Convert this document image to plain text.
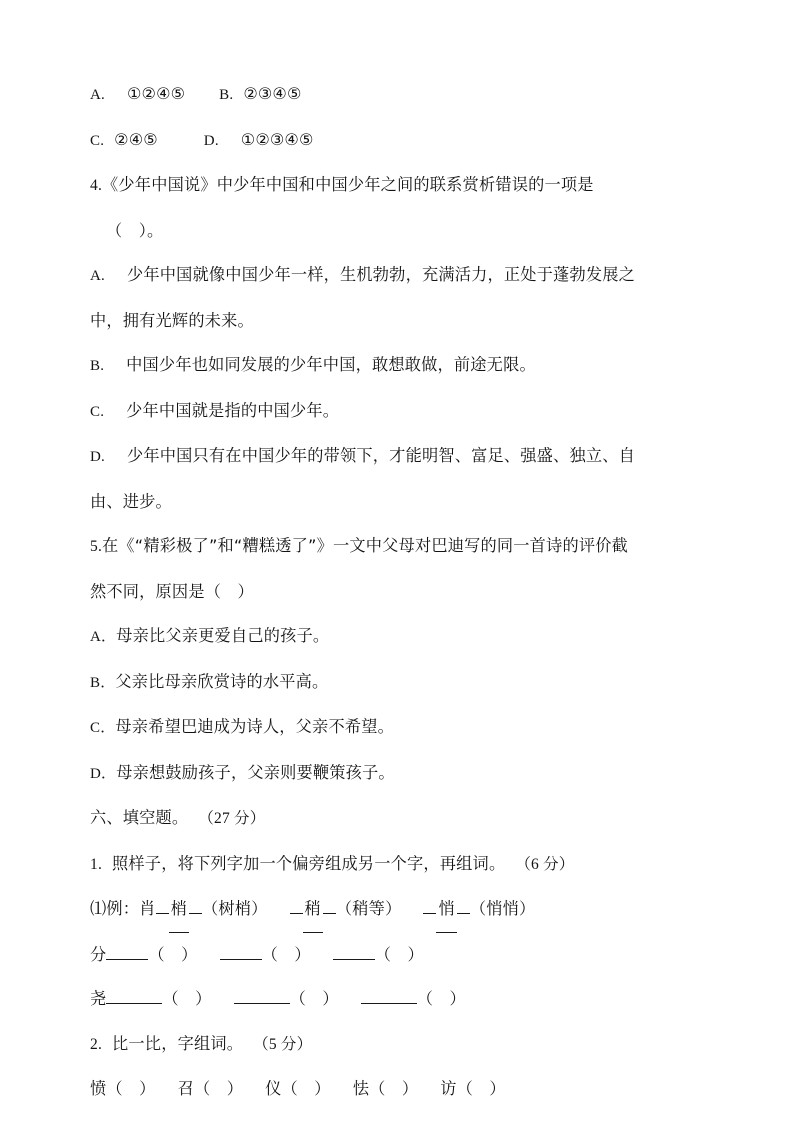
A. ①②④⑤ B. ②③④⑤
C. ②④⑤	D. ①②③④⑤
4.《少年中国说》中少年中国和中国少年之间的联系赏析错误的一项是
（　）。
A. 少年中国就像中国少年一样，生机勃勃，充满活力，正处于蓬勃发展之
中，拥有光辉的未来。
B. 中国少年也如同发展的少年中国，敢想敢做，前途无限。
C. 少年中国就是指的中国少年。
D. 少年中国只有在中国少年的带领下，才能明智、富足、强盛、独立、自
由、进步。
5.在《“精彩极了”和“糟糕透了”》一文中父母对巴迪写的同一首诗的评价截
然不同，原因是（　）
A．母亲比父亲更爱自己的孩子。
B．父亲比母亲欣赏诗的水平高。
C．母亲希望巴迪成为诗人，父亲不希望。
D．母亲想鼓励孩子，父亲则要鞭策孩子。
六、填空题。 （27 分）
1. 照样子，将下列字加一个偏旁组成另一个字，再组词。 （6 分）
⑴例：肖 梢 （树梢） 稍 （稍等） 悄 （悄悄）
分	（　）	（　）	（　）
尧	（　）	（　）	（　）
2. 比一比，字组词。 （5 分）
愤（　） 召（　） 仪（　） 怯（　） 访（　）
